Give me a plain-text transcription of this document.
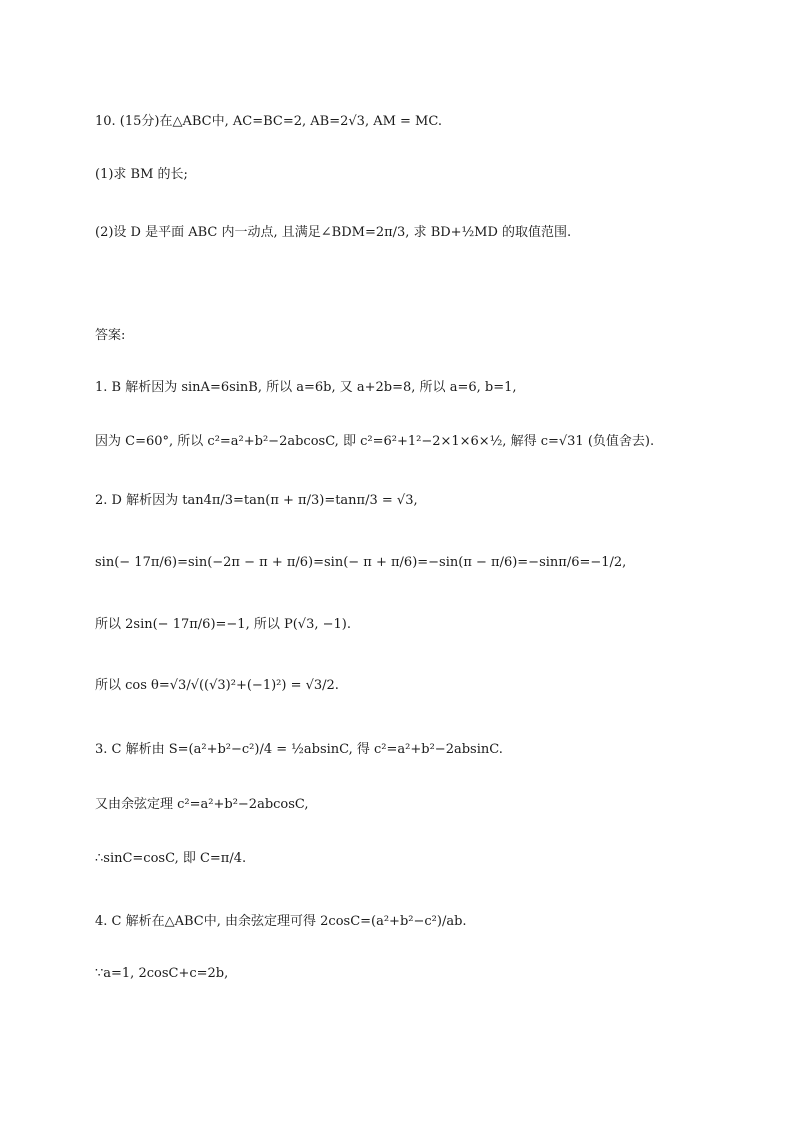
10. (15分)在△ABC中, AC=BC=2, AB=2√3, AM = MC.
(1)求 BM 的长;
(2)设 D 是平面 ABC 内一动点, 且满足∠BDM=2π/3, 求 BD+½MD 的取值范围.
答案:
1. B 解析因为 sinA=6sinB, 所以 a=6b, 又 a+2b=8, 所以 a=6, b=1,
因为 C=60°, 所以 c²=a²+b²−2abcosC, 即 c²=6²+1²−2×1×6×½, 解得 c=√31 (负值舍去).
2. D 解析因为 tan4π/3=tan(π + π/3)=tanπ/3 = √3,
sin(− 17π/6)=sin(−2π − π + π/6)=sin(− π + π/6)=−sin(π − π/6)=−sinπ/6=−1/2,
所以 2sin(− 17π/6)=−1, 所以 P(√3, −1).
所以 cos θ=√3/√((√3)²+(−1)²) = √3/2.
3. C 解析由 S=(a²+b²−c²)/4 = ½absinC, 得 c²=a²+b²−2absinC.
又由余弦定理 c²=a²+b²−2abcosC,
∴sinC=cosC, 即 C=π/4.
4. C 解析在△ABC中, 由余弦定理可得 2cosC=(a²+b²−c²)/ab.
∵a=1, 2cosC+c=2b,
